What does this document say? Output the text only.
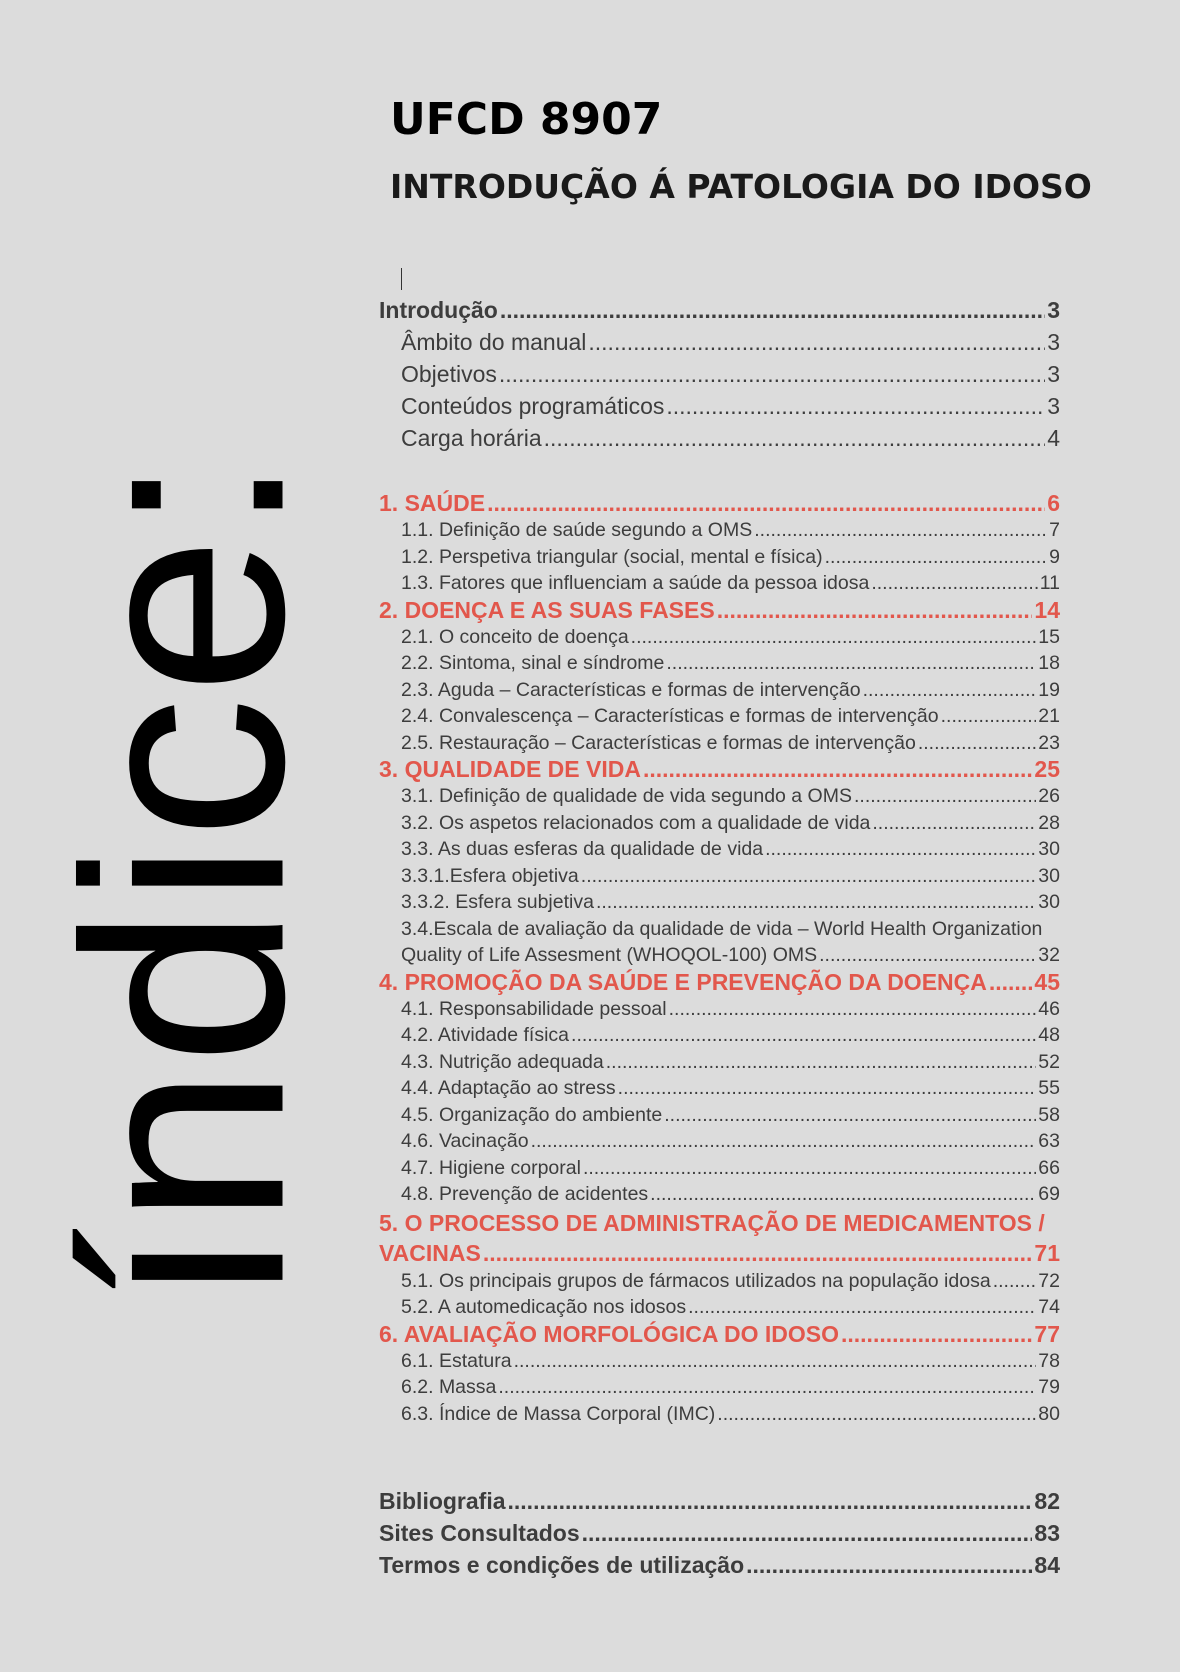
índice:
UFCD 8907
INTRODUÇÃO Á PATOLOGIA DO IDOSO
Introdução .....	3
Âmbito do manual .....	3
Objetivos .....	3
Conteúdos programáticos .....	3
Carga horária .....	4
1. SAÚDE .....	6
1.1. Definição de saúde segundo a OMS .....	7
1.2. Perspetiva triangular (social, mental e física) .....	9
1.3. Fatores que influenciam a saúde da pessoa idosa .....	11
2. DOENÇA E AS SUAS FASES .....	14
2.1. O conceito de doença .....	15
2.2. Sintoma, sinal e síndrome .....	18
2.3. Aguda – Características e formas de intervenção .....	19
2.4. Convalescença – Características e formas de intervenção .....	21
2.5. Restauração – Características e formas de intervenção .....	23
3. QUALIDADE DE VIDA .....	25
3.1. Definição de qualidade de vida segundo a OMS .....	26
3.2. Os aspetos relacionados com a qualidade de vida .....	28
3.3. As duas esferas da qualidade de vida .....	30
3.3.1.Esfera objetiva .....	30
3.3.2. Esfera subjetiva .....	30
3.4.Escala de avaliação da qualidade de vida – World Health Organization
Quality of Life Assesment (WHOQOL-100) OMS .....	32
4. PROMOÇÃO DA SAÚDE E PREVENÇÃO DA DOENÇA ..... 45
4.1. Responsabilidade pessoal .....	46
4.2. Atividade física .....	48
4.3. Nutrição adequada .....	52
4.4. Adaptação ao stress .....	55
4.5. Organização do ambiente .....	58
4.6. Vacinação .....	63
4.7. Higiene corporal .....	66
4.8. Prevenção de acidentes .....	69
5. O PROCESSO DE ADMINISTRAÇÃO DE MEDICAMENTOS /
VACINAS .....	71
5.1. Os principais grupos de fármacos utilizados na população idosa ..... 72
5.2. A automedicação nos idosos .....	74
6. AVALIAÇÃO MORFOLÓGICA DO IDOSO .....	77
6.1. Estatura .....	78
6.2. Massa .....	79
6.3. Índice de Massa Corporal (IMC) .....	80
Bibliografia .....	82
Sites Consultados .....	83
Termos e condições de utilização .....	84
